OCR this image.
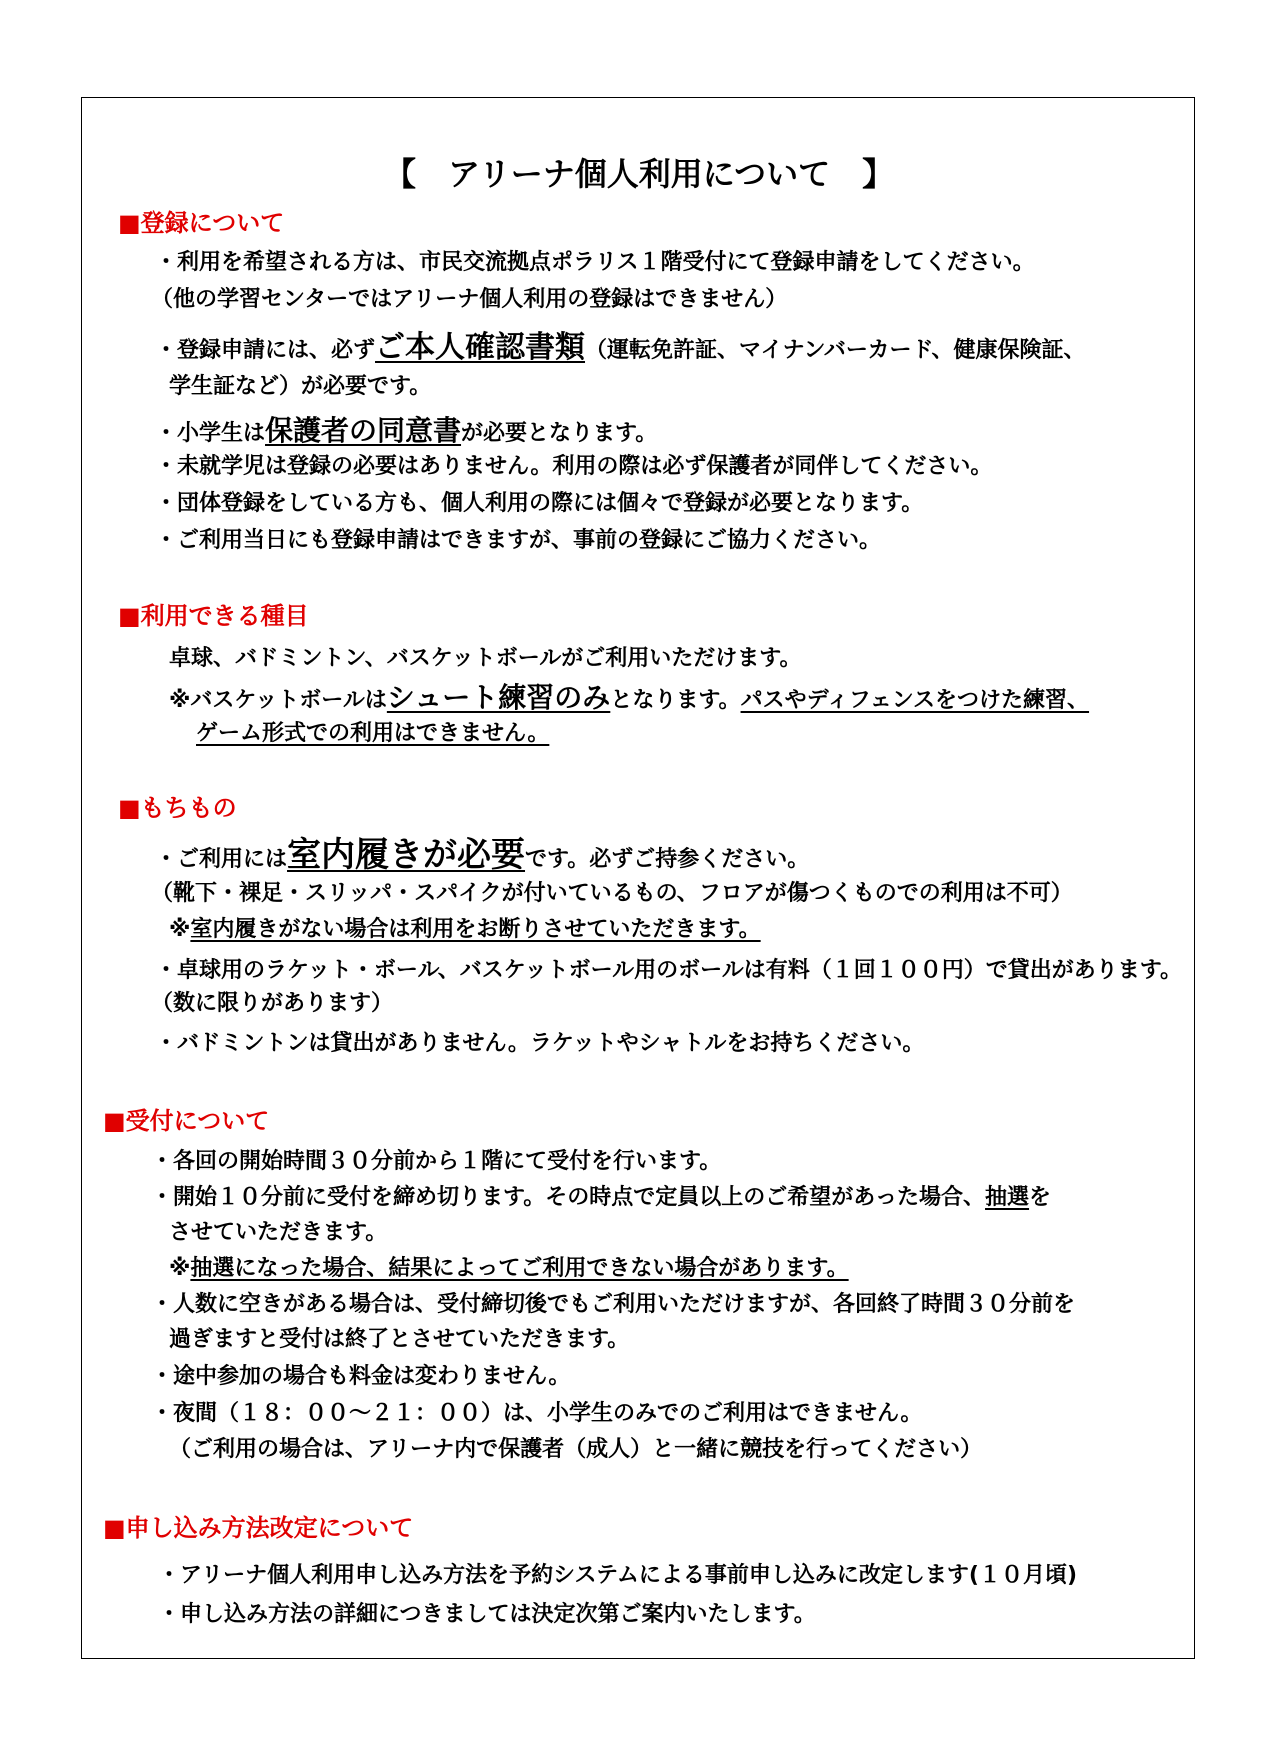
【　アリーナ個人利用について　】
■登録について
・利用を希望される方は、市民交流拠点ポラリス１階受付にて登録申請をしてください。
（他の学習センターではアリーナ個人利用の登録はできません）
・登録申請には、必ずご本人確認書類（運転免許証、マイナンバーカード、健康保険証、
学生証など）が必要です。
・小学生は保護者の同意書が必要となります。
・未就学児は登録の必要はありません。利用の際は必ず保護者が同伴してください。
・団体登録をしている方も、個人利用の際には個々で登録が必要となります。
・ご利用当日にも登録申請はできますが、事前の登録にご協力ください。
■利用できる種目
卓球、バドミントン、バスケットボールがご利用いただけます。
※バスケットボールはシュート練習のみとなります。パスやディフェンスをつけた練習、
ゲーム形式での利用はできません。
■もちもの
・ご利用には室内履きが必要です。必ずご持参ください。
（靴下・裸足・スリッパ・スパイクが付いているもの、フロアが傷つくものでの利用は不可）
※室内履きがない場合は利用をお断りさせていただきます。
・卓球用のラケット・ボール、バスケットボール用のボールは有料（１回１００円）で貸出があります。
（数に限りがあります）
・バドミントンは貸出がありません。ラケットやシャトルをお持ちください。
■受付について
・各回の開始時間３０分前から１階にて受付を行います。
・開始１０分前に受付を締め切ります。その時点で定員以上のご希望があった場合、抽選を
させていただきます。
※抽選になった場合、結果によってご利用できない場合があります。
・人数に空きがある場合は、受付締切後でもご利用いただけますが、各回終了時間３０分前を
過ぎますと受付は終了とさせていただきます。
・途中参加の場合も料金は変わりません。
・夜間（１８：００～２１：００）は、小学生のみでのご利用はできません。
（ご利用の場合は、アリーナ内で保護者（成人）と一緒に競技を行ってください）
■申し込み方法改定について
・アリーナ個人利用申し込み方法を予約システムによる事前申し込みに改定します(１０月頃)
・申し込み方法の詳細につきましては決定次第ご案内いたします。
